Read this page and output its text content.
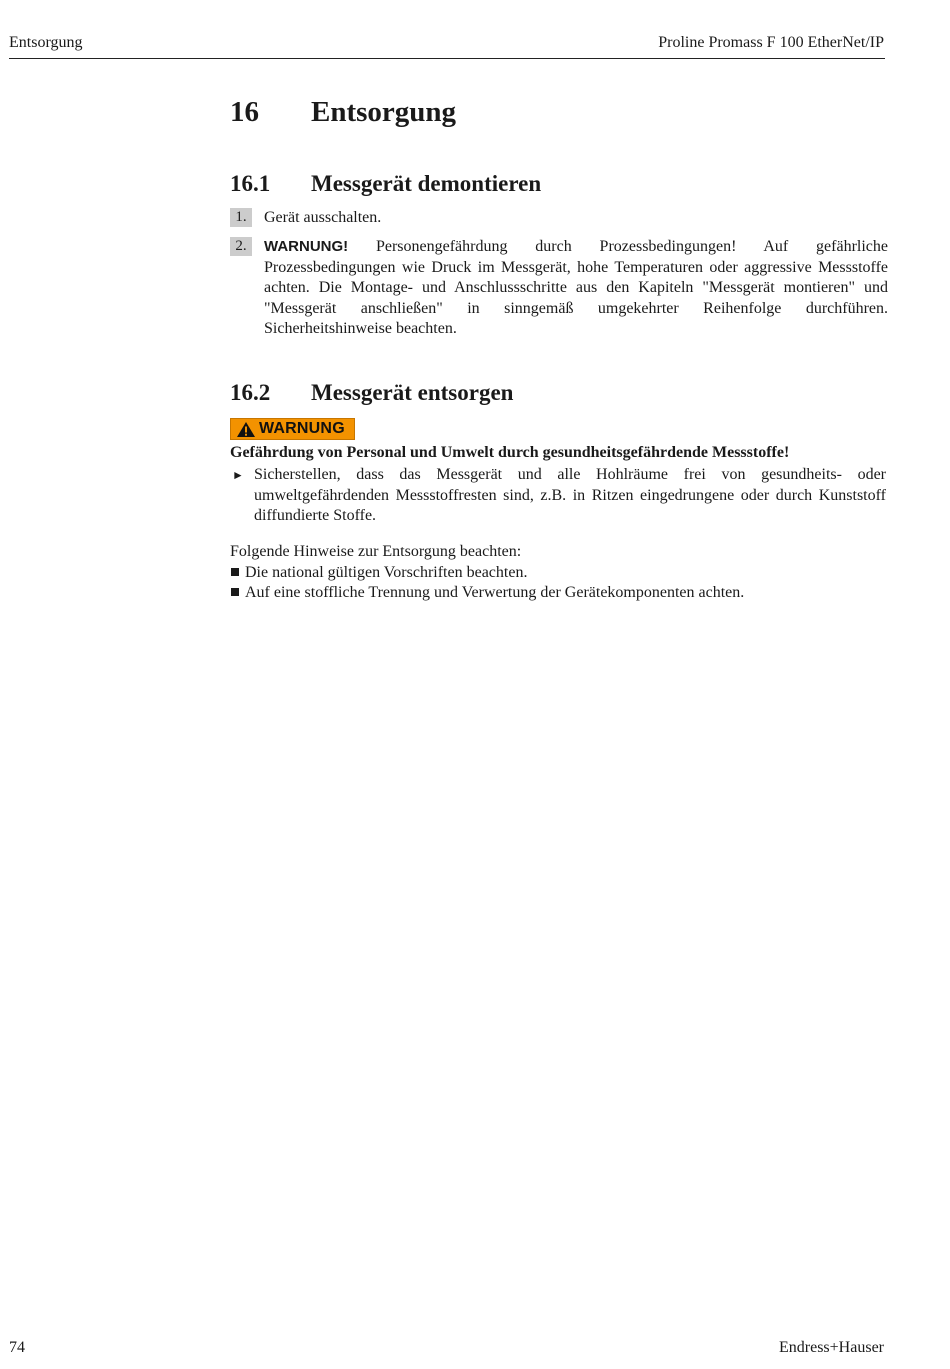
Entsorgung	Proline Promass F 100 EtherNet/IP
16 Entsorgung
16.1 Messgerät demontieren
1.	Gerät ausschalten.
2.	WARNUNG! Personengefährdung durch Prozessbedingungen! Auf gefährliche Prozessbedingungen wie Druck im Messgerät, hohe Temperaturen oder aggressive Messstoffe achten. Die Montage- und Anschlussschritte aus den Kapiteln "Messgerät montieren" und "Messgerät anschließen" in sinngemäß umgekehrter Reihenfolge durchführen. Sicherheitshinweise beachten.
16.2 Messgerät entsorgen
WARNUNG
Gefährdung von Personal und Umwelt durch gesundheitsgefährdende Messstoffe!
► Sicherstellen, dass das Messgerät und alle Hohlräume frei von gesundheits- oder umweltgefährdenden Messstoffresten sind, z.B. in Ritzen eingedrungene oder durch Kunststoff diffundierte Stoffe.
Folgende Hinweise zur Entsorgung beachten:
Die national gültigen Vorschriften beachten.
Auf eine stoffliche Trennung und Verwertung der Gerätekomponenten achten.
74	Endress+Hauser
